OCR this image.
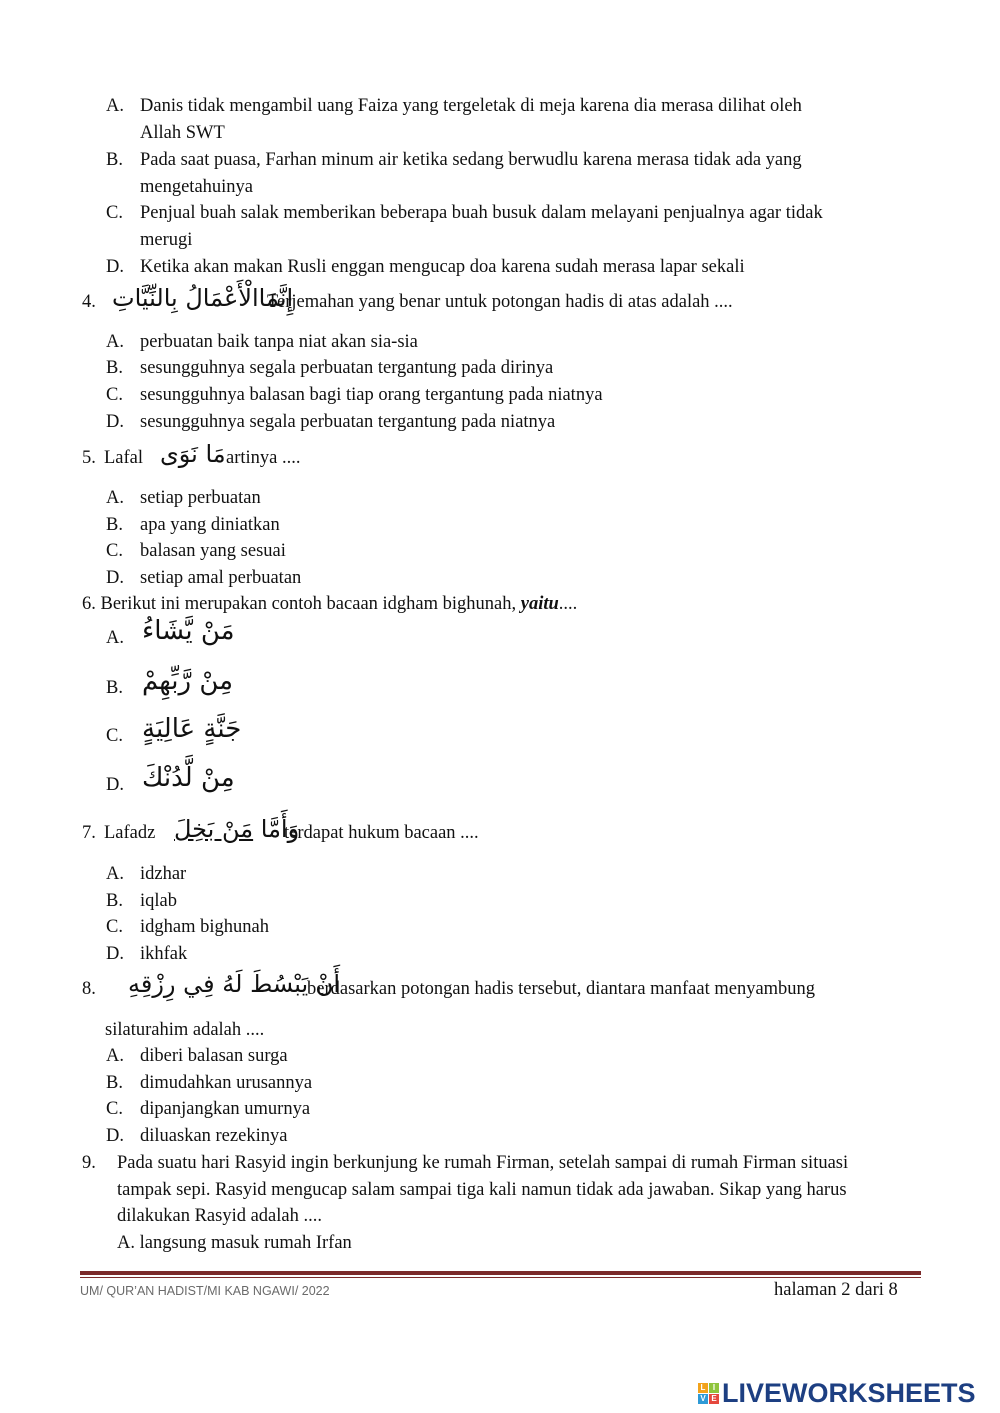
A. Danis tidak mengambil uang Faiza yang tergeletak di meja karena dia merasa dilihat oleh
Allah SWT
B. Pada saat puasa, Farhan minum air ketika sedang berwudlu karena merasa tidak ada yang
mengetahuinya
C. Penjual buah salak memberikan beberapa buah busuk dalam melayani penjualnya agar tidak
merugi
D. Ketika akan makan Rusli enggan mengucap doa karena sudah merasa lapar sekali
4. إِنَّمَاالْأَعْمَالُ بِالنِّيَّاتِ
Terjemahan yang benar untuk potongan hadis di atas adalah ....
A. perbuatan baik tanpa niat akan sia-sia
B. sesungguhnya segala perbuatan tergantung pada dirinya
C. sesungguhnya balasan bagi tiap orang tergantung pada niatnya
D. sesungguhnya segala perbuatan tergantung pada niatnya
5. Lafal مَا نَوَى artinya ....
A. setiap perbuatan
B. apa yang diniatkan
C. balasan yang sesuai
D. setiap amal perbuatan
6. Berikut ini merupakan contoh bacaan idgham bighunah, yaitu....
A. مَنْ يَّشَاءُ
B. مِنْ رَّبِّهِمْ
C. جَنَّةٍ عَالِيَةٍ
D. مِنْ لَّدُنْكَ
7. Lafadz	وَأَمَّا مَنْ بَخِلَ	terdapat hukum bacaan ....
A. idzhar
B. iqlab
C. idgham bighunah
D. ikhfak
8. أَنْ يَبْسُطَ لَهُ فِي رِزْقِهِ
berdasarkan potongan hadis tersebut, diantara manfaat menyambung
silaturahim adalah ....
A. diberi balasan surga
B. dimudahkan urusannya
C. dipanjangkan umurnya
D. diluaskan rezekinya
9. Pada suatu hari Rasyid ingin berkunjung ke rumah Firman, setelah sampai di rumah Firman situasi
tampak sepi. Rasyid mengucap salam sampai tiga kali namun tidak ada jawaban. Sikap yang harus
dilakukan Rasyid adalah ....
A. langsung masuk rumah Irfan
UM/ QUR’AN HADIST/MI KAB NGAWI/ 2022	halaman 2 dari 8
L I
V E LIVEWORKSHEETS
